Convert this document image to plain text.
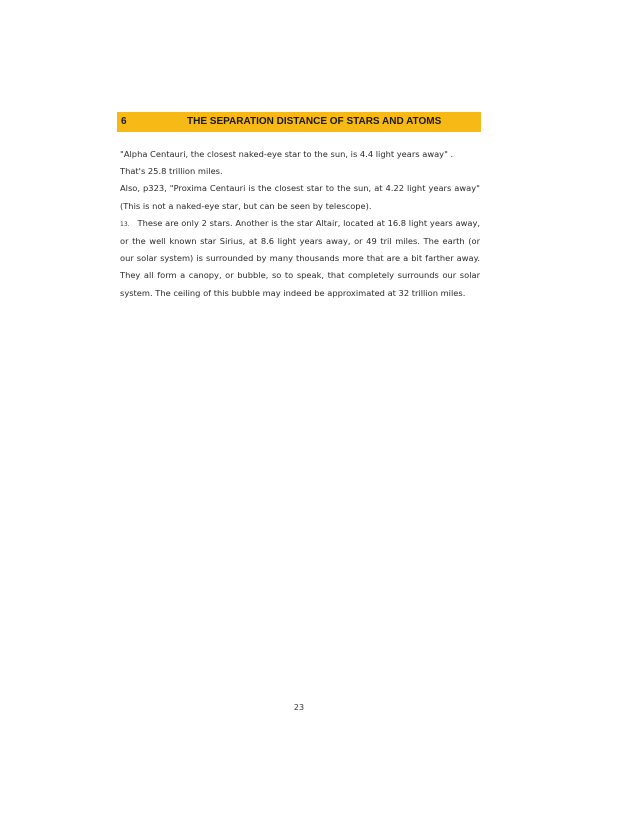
6	THE SEPARATION DISTANCE OF STARS AND ATOMS

"Alpha Centauri, the closest naked-eye star to the sun, is 4.4 light years away" .

That's 25.8 trillion miles.

Also, p323, "Proxima Centauri is the closest star to the sun, at 4.22 light years away" (This is not a naked-eye star, but can be seen by telescope).

13. These are only 2 stars. Another is the star Altair, located at 16.8 light years away, or the well known star Sirius, at 8.6 light years away, or 49 tril miles. The earth (or our solar system) is surrounded by many thousands more that are a bit farther away. They all form a canopy, or bubble, so to speak, that completely surrounds our solar system. The ceiling of this bubble may indeed be approximated at 32 trillion miles.

23
